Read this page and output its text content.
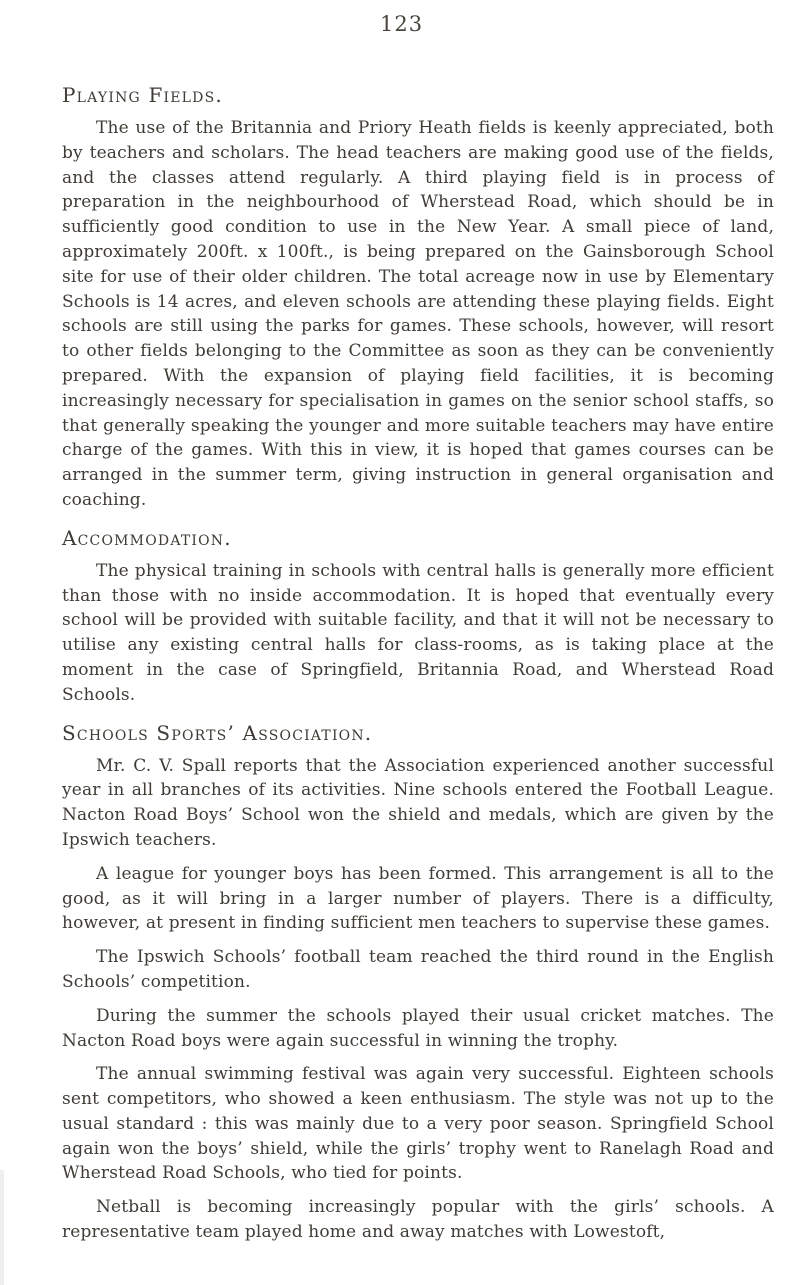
123
Playing Fields.

The use of the Britannia and Priory Heath fields is keenly appreciated, both by teachers and scholars. The head teachers are making good use of the fields, and the classes attend regularly. A third playing field is in process of preparation in the neighbourhood of Wherstead Road, which should be in sufficiently good condition to use in the New Year. A small piece of land, approximately 200ft. x 100ft., is being prepared on the Gainsborough School site for use of their older children. The total acreage now in use by Elementary Schools is 14 acres, and eleven schools are attending these playing fields. Eight schools are still using the parks for games. These schools, however, will resort to other fields belonging to the Committee as soon as they can be conveniently prepared. With the expansion of playing field facilities, it is becoming increasingly necessary for specialisation in games on the senior school staffs, so that generally speaking the younger and more suitable teachers may have entire charge of the games. With this in view, it is hoped that games courses can be arranged in the summer term, giving instruction in general organisation and coaching.

Accommodation.

The physical training in schools with central halls is generally more efficient than those with no inside accommodation. It is hoped that eventually every school will be provided with suitable facility, and that it will not be necessary to utilise any existing central halls for class-rooms, as is taking place at the moment in the case of Springfield, Britannia Road, and Wherstead Road Schools.

Schools Sports’ Association.

Mr. C. V. Spall reports that the Association experienced another successful year in all branches of its activities. Nine schools entered the Football League. Nacton Road Boys’ School won the shield and medals, which are given by the Ipswich teachers.

A league for younger boys has been formed. This arrangement is all to the good, as it will bring in a larger number of players. There is a difficulty, however, at present in finding sufficient men teachers to supervise these games.

The Ipswich Schools’ football team reached the third round in the English Schools’ competition.

During the summer the schools played their usual cricket matches. The Nacton Road boys were again successful in winning the trophy.

The annual swimming festival was again very successful. Eighteen schools sent competitors, who showed a keen enthusiasm. The style was not up to the usual standard : this was mainly due to a very poor season. Springfield School again won the boys’ shield, while the girls’ trophy went to Ranelagh Road and Wherstead Road Schools, who tied for points.

Netball is becoming increasingly popular with the girls’ schools. A representative team played home and away matches with Lowestoft,
